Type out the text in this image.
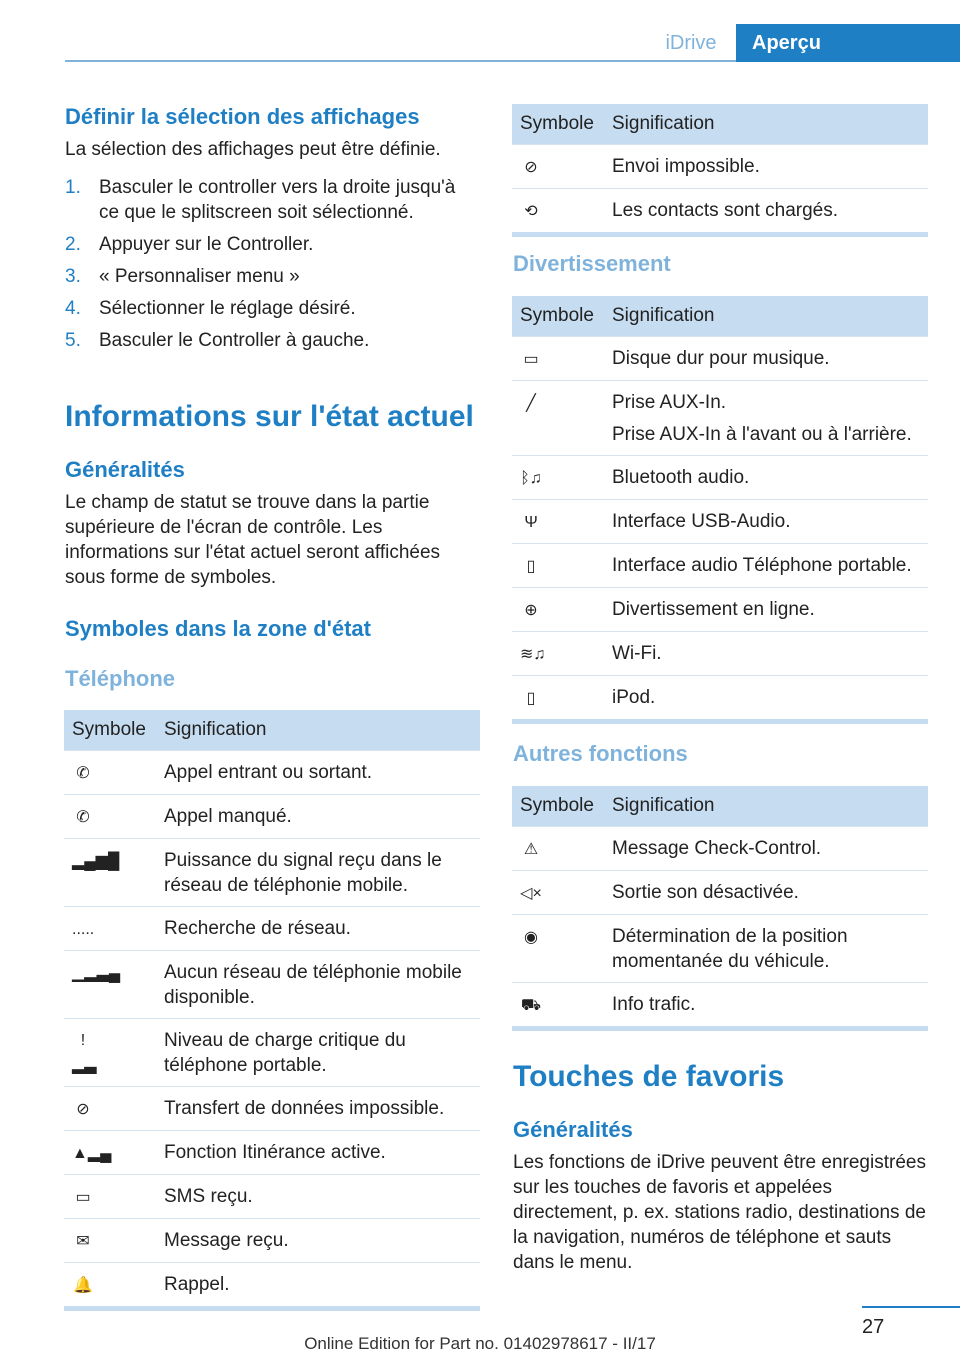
iDrive	Aperçu
Définir la sélection des affichages

La sélection des affichages peut être définie.

1. Basculer le controller vers la droite jusqu'à ce que le splitscreen soit sélectionné.
2. Appuyer sur le Controller.
3. « Personnaliser menu »
4. Sélectionner le réglage désiré.
5. Basculer le Controller à gauche.
Informations sur l'état actuel
Généralités

Le champ de statut se trouve dans la partie supérieure de l'écran de contrôle. Les informations sur l'état actuel seront affichées sous forme de symboles.

Symboles dans la zone d'état
Téléphone
Symbole	Signification
✆	Appel entrant ou sortant.
✆	Appel manqué.
▂▄▆█	Puissance du signal reçu dans le réseau de téléphonie mobile.
.....	Recherche de réseau.
▁▂▃▄	Aucun réseau de téléphonie mobile disponible.
!▂▃	Niveau de charge critique du téléphone portable.
⊘	Transfert de données impossible.
▲▂▄	Fonction Itinérance active.
▭	SMS reçu.
✉	Message reçu.
🔔	Rappel.
Symbole	Signification
⊘	Envoi impossible.
⟲	Les contacts sont chargés.
Divertissement
Symbole	Signification
▭	Disque dur pour musique.
╱	Prise AUX-In.
Prise AUX-In à l'avant ou à l'arrière.

ᛒ♫	Bluetooth audio.
Ψ	Interface USB-Audio.
▯	Interface audio Téléphone portable.
⊕	Divertissement en ligne.
≋♫	Wi-Fi.
▯	iPod.
Autres fonctions
Symbole	Signification
⚠	Message Check-Control.
◁×	Sortie son désactivée.
◉	Détermination de la position momentanée du véhicule.
⛟	Info trafic.
Touches de favoris
Généralités

Les fonctions de iDrive peuvent être enregistrées sur les touches de favoris et appelées directement, p. ex. stations radio, destinations de la navigation, numéros de téléphone et sauts dans le menu.

27
Online Edition for Part no. 01402978617 - II/17
